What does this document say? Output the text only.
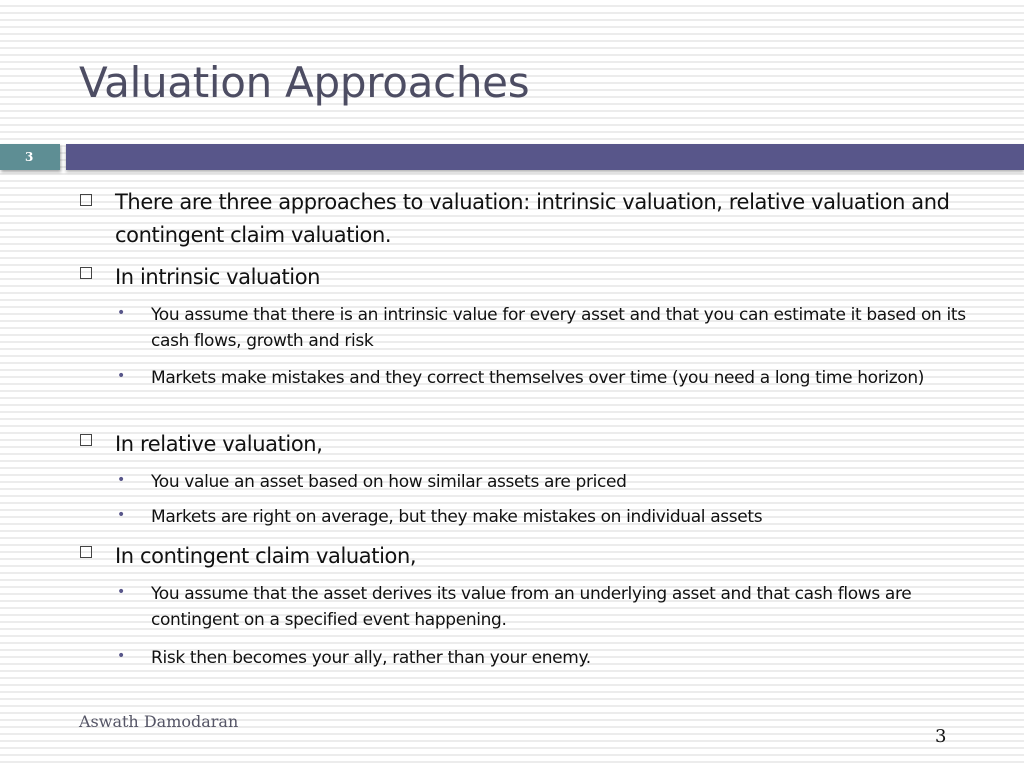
Valuation Approaches
3
There are three approaches to valuation: intrinsic valuation, relative valuation and contingent claim valuation.
In intrinsic valuation
• You assume that there is an intrinsic value for every asset and that you can estimate it based on its cash flows, growth and risk
• Markets make mistakes and they correct themselves over time (you need a long time horizon)
In relative valuation,
• You value an asset based on how similar assets are priced
• Markets are right on average, but they make mistakes on individual assets
In contingent claim valuation,
• You assume that the asset derives its value from an underlying asset and that cash flows are contingent on a specified event happening.
• Risk then becomes your ally, rather than your enemy.
Aswath Damodaran
3
